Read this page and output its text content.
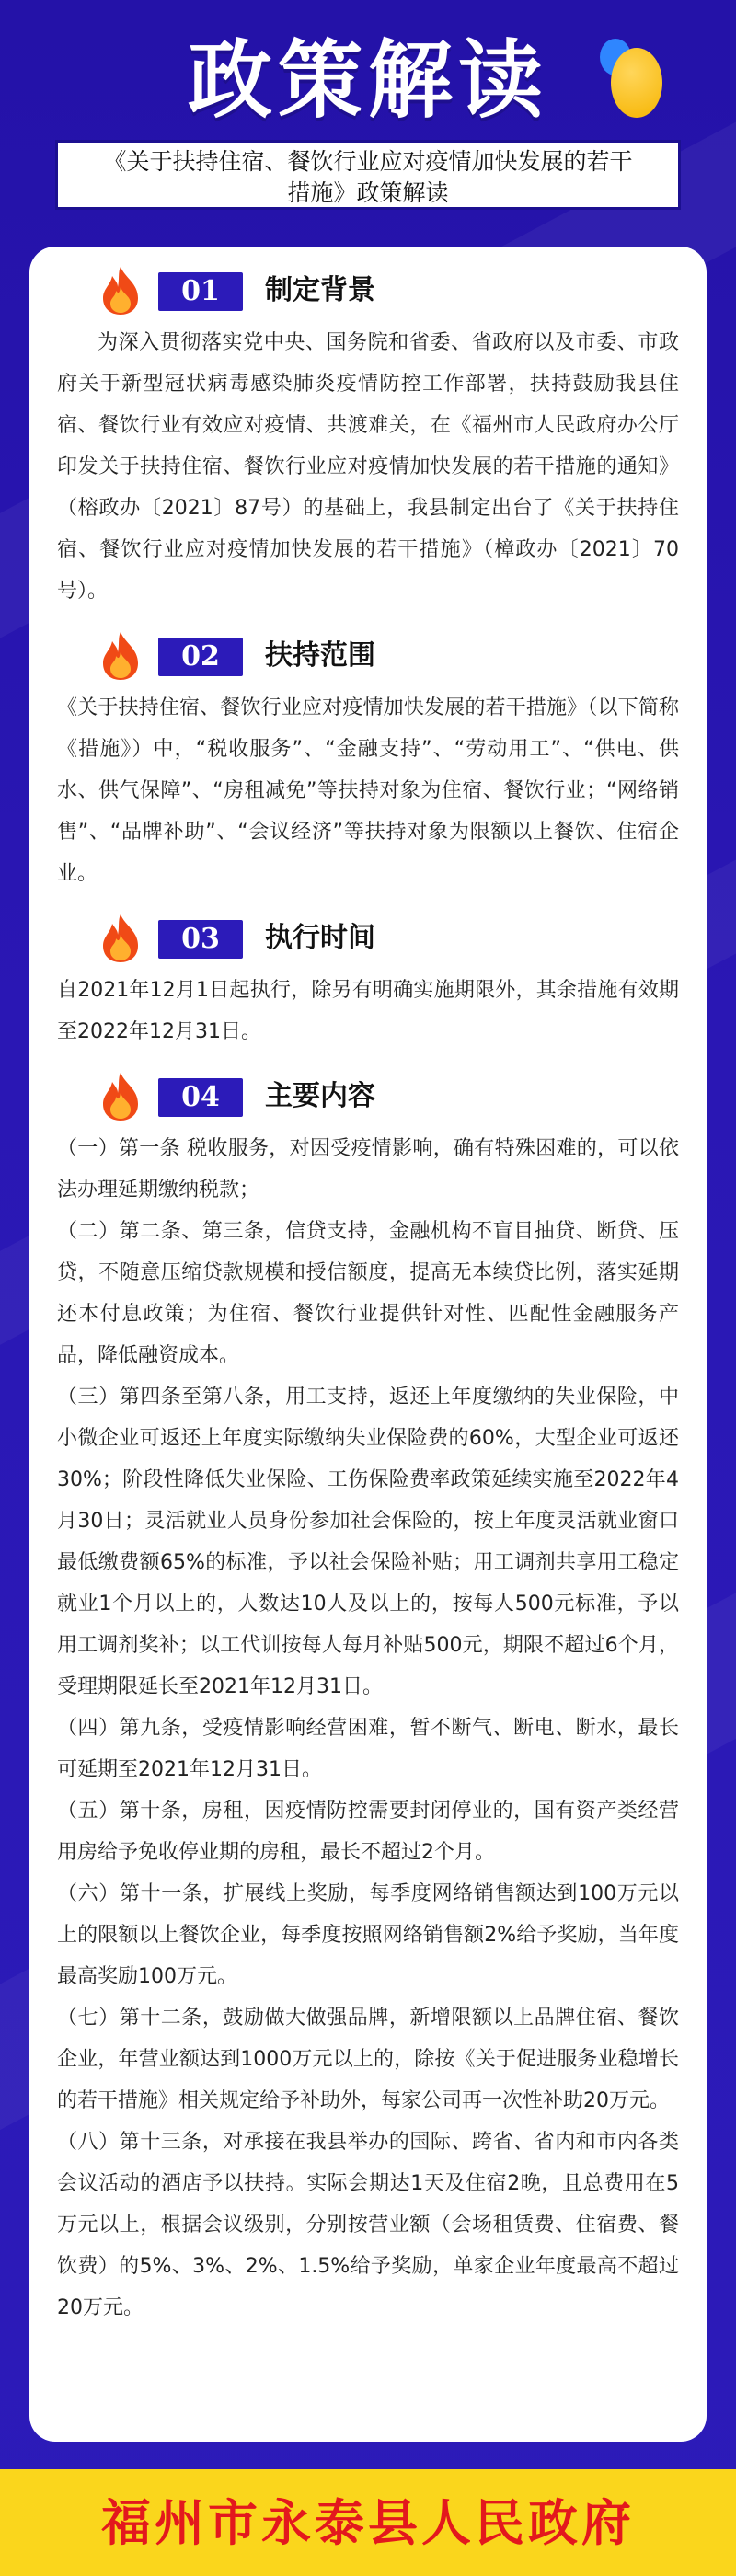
政策解读
《关于扶持住宿、餐饮行业应对疫情加快发展的若干
措施》政策解读
01	制定背景

为深入贯彻落实党中央、国务院和省委、省政府以及市委、市政府关于新型冠状病毒感染肺炎疫情防控工作部署，扶持鼓励我县住宿、餐饮行业有效应对疫情、共渡难关，在《福州市人民政府办公厅印发关于扶持住宿、餐饮行业应对疫情加快发展的若干措施的通知》（榕政办〔2021〕87号）的基础上，我县制定出台了《关于扶持住宿、餐饮行业应对疫情加快发展的若干措施》（樟政办〔2021〕70号）。

02	扶持范围

《关于扶持住宿、餐饮行业应对疫情加快发展的若干措施》（以下简称《措施》）中，“税收服务”、“金融支持”、“劳动用工”、“供电、供水、供气保障”、“房租减免”等扶持对象为住宿、餐饮行业；“网络销售”、“品牌补助”、“会议经济”等扶持对象为限额以上餐饮、住宿企业。

03	执行时间

自2021年12月1日起执行，除另有明确实施期限外，其余措施有效期至2022年12月31日。

04	主要内容

（一）第一条 税收服务，对因受疫情影响，确有特殊困难的，可以依法办理延期缴纳税款；

（二）第二条、第三条，信贷支持，金融机构不盲目抽贷、断贷、压贷，不随意压缩贷款规模和授信额度，提高无本续贷比例，落实延期还本付息政策；为住宿、餐饮行业提供针对性、匹配性金融服务产品，降低融资成本。

（三）第四条至第八条，用工支持，返还上年度缴纳的失业保险，中小微企业可返还上年度实际缴纳失业保险费的60%，大型企业可返还30%；阶段性降低失业保险、工伤保险费率政策延续实施至2022年4月30日；灵活就业人员身份参加社会保险的，按上年度灵活就业窗口最低缴费额65%的标准，予以社会保险补贴；用工调剂共享用工稳定就业1个月以上的，人数达10人及以上的，按每人500元标准，予以用工调剂奖补；以工代训按每人每月补贴500元，期限不超过6个月，受理期限延长至2021年12月31日。

（四）第九条，受疫情影响经营困难，暂不断气、断电、断水，最长可延期至2021年12月31日。

（五）第十条，房租，因疫情防控需要封闭停业的，国有资产类经营用房给予免收停业期的房租，最长不超过2个月。

（六）第十一条，扩展线上奖励，每季度网络销售额达到100万元以上的限额以上餐饮企业，每季度按照网络销售额2%给予奖励，当年度最高奖励100万元。

（七）第十二条，鼓励做大做强品牌，新增限额以上品牌住宿、餐饮企业，年营业额达到1000万元以上的，除按《关于促进服务业稳增长的若干措施》相关规定给予补助外，每家公司再一次性补助20万元。

（八）第十三条，对承接在我县举办的国际、跨省、省内和市内各类会议活动的酒店予以扶持。实际会期达1天及住宿2晚，且总费用在5万元以上，根据会议级别，分别按营业额（会场租赁费、住宿费、餐饮费）的5%、3%、2%、1.5%给予奖励，单家企业年度最高不超过20万元。

福州市永泰县人民政府
